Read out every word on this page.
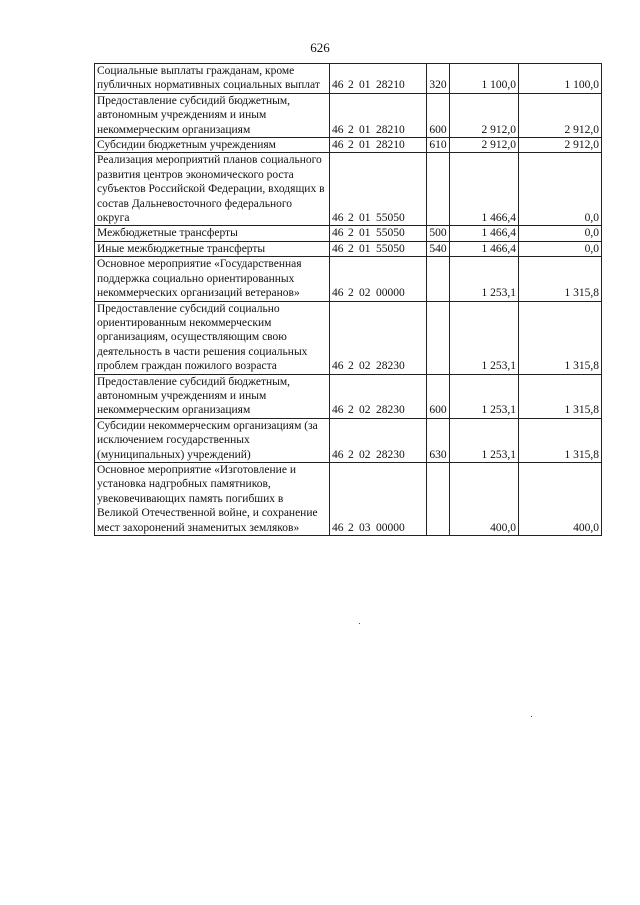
626
Социальные выплаты гражданам, кроме публичных нормативных социальных выплат	46 2 01 28210	320	1 100,0	1 100,0
Предоставление субсидий бюджетным, автономным учреждениям и иным некоммерческим организациям	46 2 01 28210	600	2 912,0	2 912,0
Субсидии бюджетным учреждениям	46 2 01 28210	610	2 912,0	2 912,0
Реализация мероприятий планов социального развития центров экономического роста субъектов Российской Федерации, входящих в состав Дальневосточного федерального округа	46 2 01 55050		1 466,4	0,0
Межбюджетные трансферты	46 2 01 55050	500	1 466,4	0,0
Иные межбюджетные трансферты	46 2 01 55050	540	1 466,4	0,0
Основное мероприятие «Государственная поддержка социально ориентированных некоммерческих организаций ветеранов»	46 2 02 00000		1 253,1	1 315,8
Предоставление субсидий социально ориентированным некоммерческим организациям, осуществляющим свою деятельность в части решения социальных проблем граждан пожилого возраста	46 2 02 28230		1 253,1	1 315,8
Предоставление субсидий бюджетным, автономным учреждениям и иным некоммерческим организациям	46 2 02 28230	600	1 253,1	1 315,8
Субсидии некоммерческим организациям (за исключением государственных (муниципальных) учреждений)	46 2 02 28230	630	1 253,1	1 315,8
Основное мероприятие «Изготовление и установка надгробных памятников, увековечивающих память погибших в Великой Отечественной войне, и сохранение мест захоронений знаменитых земляков»	46 2 03 00000		400,0	400,0
